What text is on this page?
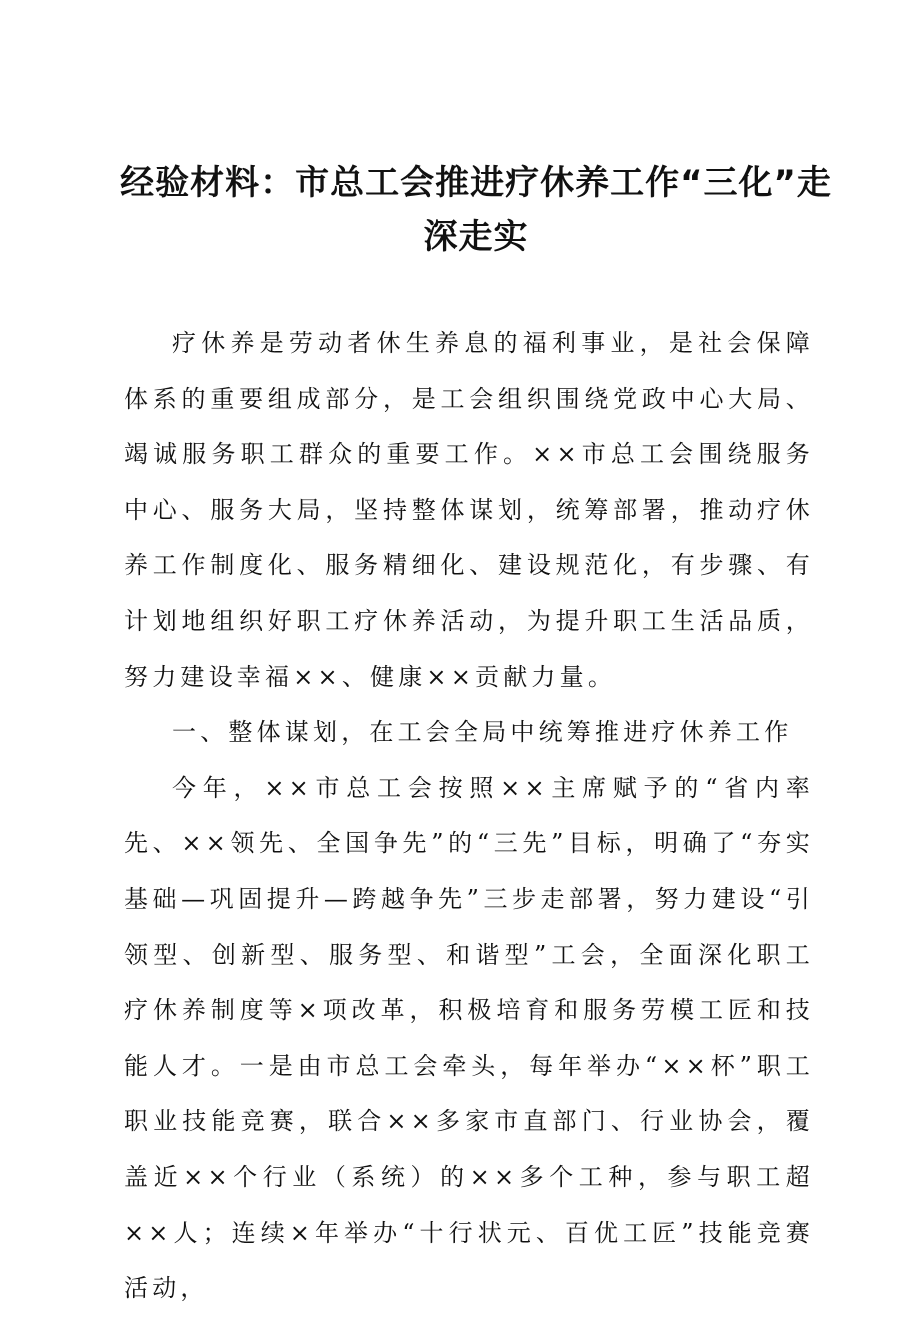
经验材料：市总工会推进疗休养工作“三化”走深走实

疗休养是劳动者休生养息的福利事业，是社会保障体系的重要组成部分，是工会组织围绕党政中心大局、竭诚服务职工群众的重要工作。××市总工会围绕服务中心、服务大局，坚持整体谋划，统筹部署，推动疗休养工作制度化、服务精细化、建设规范化，有步骤、有计划地组织好职工疗休养活动，为提升职工生活品质，努力建设幸福××、健康××贡献力量。

一、整体谋划，在工会全局中统筹推进疗休养工作

今年，××市总工会按照××主席赋予的“省内率先、××领先、全国争先”的“三先”目标，明确了“夯实基础—巩固提升—跨越争先”三步走部署，努力建设“引领型、创新型、服务型、和谐型”工会，全面深化职工疗休养制度等×项改革，积极培育和服务劳模工匠和技能人才。一是由市总工会牵头，每年举办“××杯”职工职业技能竞赛，联合××多家市直部门、行业协会，覆盖近××个行业（系统）的××多个工种，参与职工超××人；连续×年举办“十行状元、百优工匠”技能竞赛活动，
